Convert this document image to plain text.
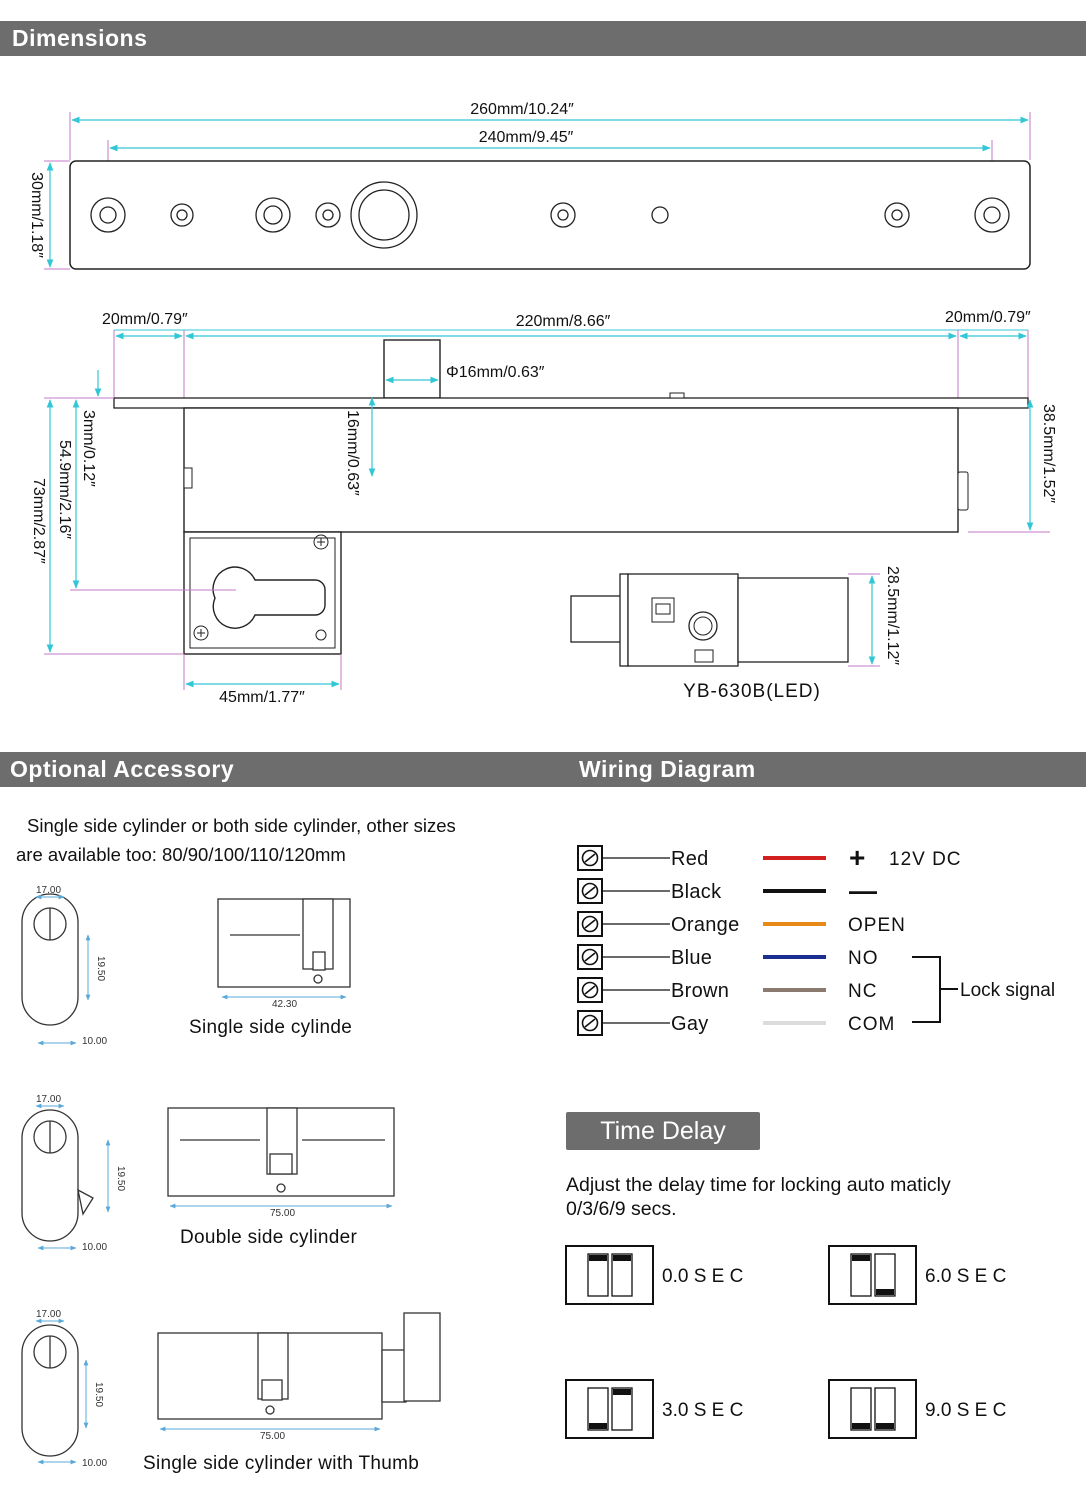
Dimensions
Optional Accessory	Wiring Diagram
260mm/10.24″
240mm/9.45″
30mm/1.18″
20mm/0.79″	220mm/8.66″	20mm/0.79″
Φ16mm/0.63″
3mm/0.12″
54.9mm/2.16″
73mm/2.87″
16mm/0.63″	38.5mm/1.52″
45mm/1.77″
28.5mm/1.12″
YB-630B(LED)
17.00
19.50
10.00
42.30
17.00
19.50
10.00
75.00
17.00
19.50
10.00
75.00
Red	+ 12V DC
Black	—
Orange	OPEN
Blue	NO
Brown	NC
Gay	COM
Lock signal
0.0 S E C	6.0 S E C
3.0 S E C	9.0 S E C
Single side cylinder or both side cylinder, other sizes
are available too: 80/90/100/110/120mm
Single side cylinde
Double side cylinder
Single side cylinder with Thumb
Time Delay
Adjust the delay time for locking auto maticly
0/3/6/9 secs.
